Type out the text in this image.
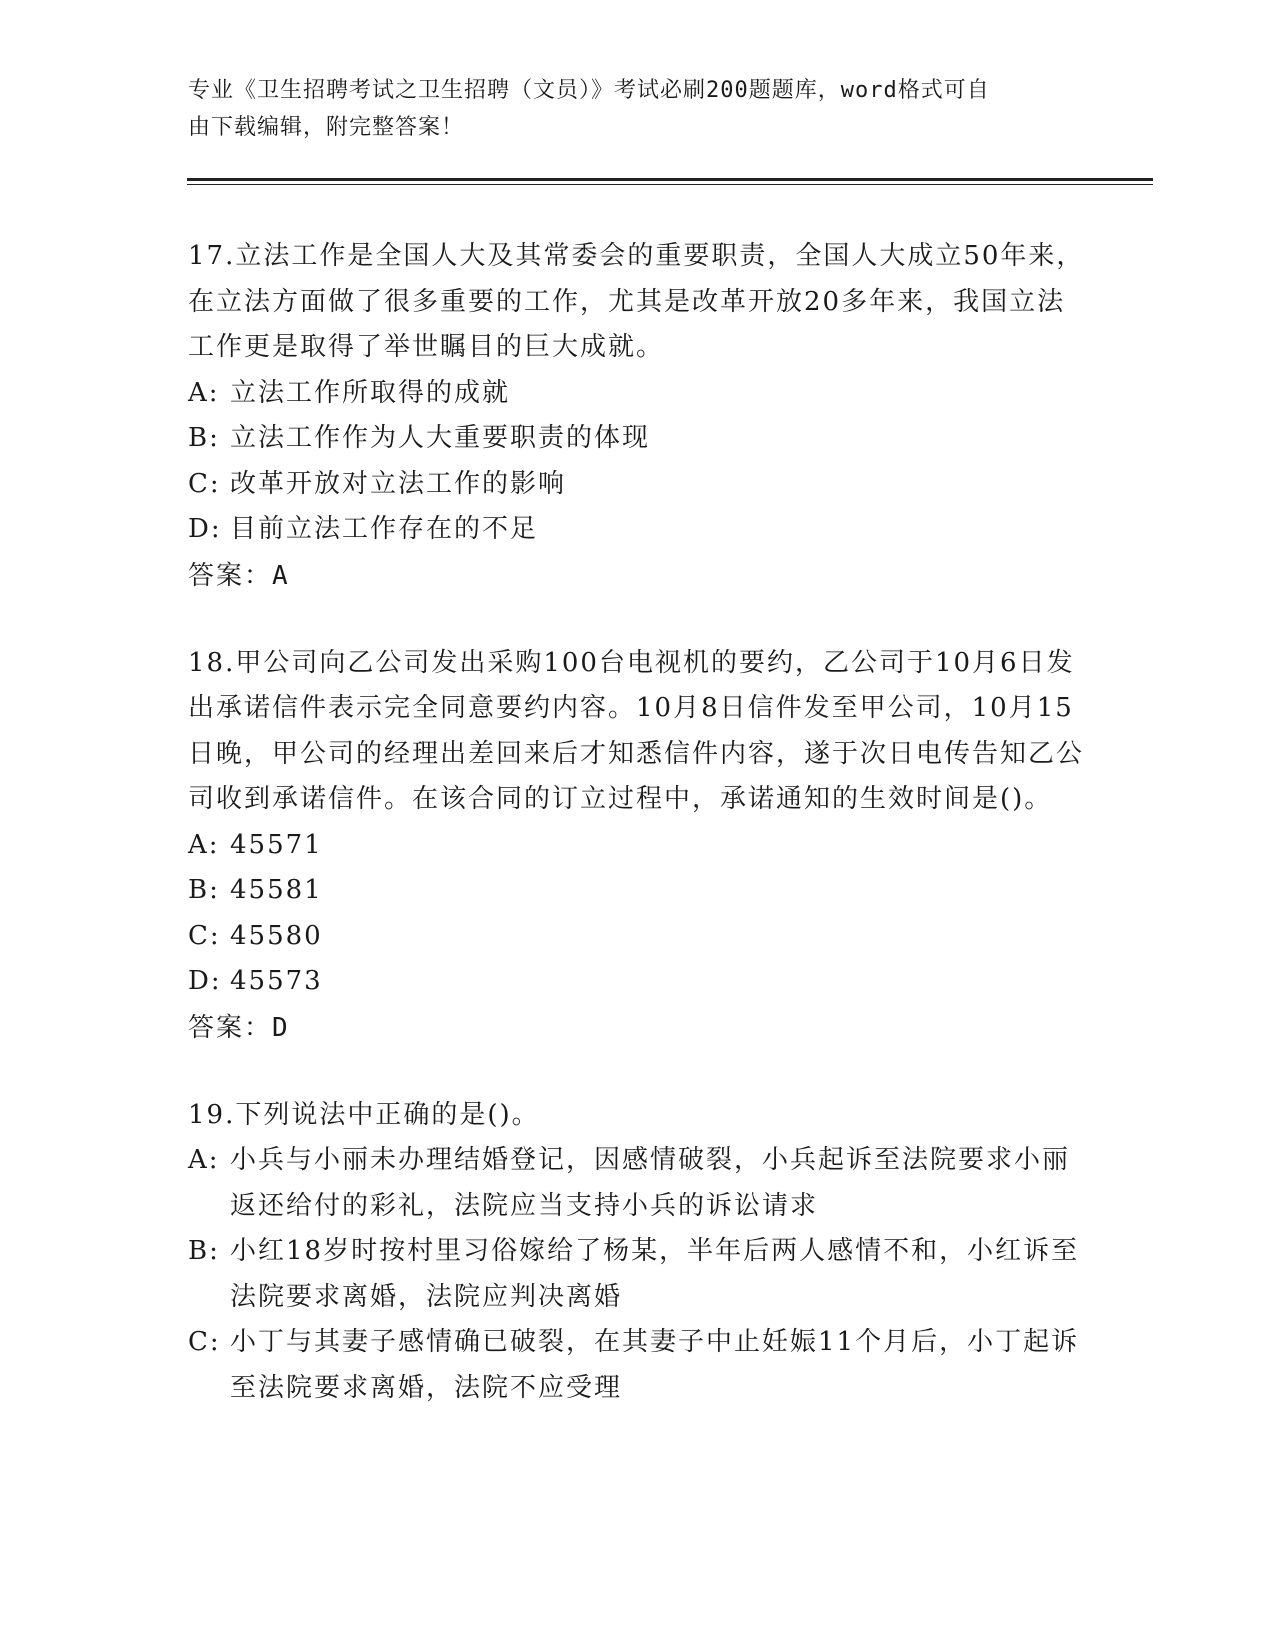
专业《卫生招聘考试之卫生招聘（文员）》考试必刷200题题库，word格式可自
由下载编辑，附完整答案！
17.立法工作是全国人大及其常委会的重要职责，全国人大成立50年来，在立法方面做了很多重要的工作，尤其是改革开放20多年来，我国立法工作更是取得了举世瞩目的巨大成就。
A: 立法工作所取得的成就
B: 立法工作作为人大重要职责的体现
C: 改革开放对立法工作的影响
D: 目前立法工作存在的不足
答案：A
18.甲公司向乙公司发出采购100台电视机的要约，乙公司于10月6日发出承诺信件表示完全同意要约内容。10月8日信件发至甲公司，10月15日晚，甲公司的经理出差回来后才知悉信件内容，遂于次日电传告知乙公司收到承诺信件。在该合同的订立过程中，承诺通知的生效时间是()。
A: 45571
B: 45581
C: 45580
D: 45573
答案：D
19.下列说法中正确的是()。
A: 小兵与小丽未办理结婚登记，因感情破裂，小兵起诉至法院要求小丽返还给付的彩礼，法院应当支持小兵的诉讼请求
B: 小红18岁时按村里习俗嫁给了杨某，半年后两人感情不和，小红诉至法院要求离婚，法院应判决离婚
C: 小丁与其妻子感情确已破裂，在其妻子中止妊娠11个月后，小丁起诉至法院要求离婚，法院不应受理
